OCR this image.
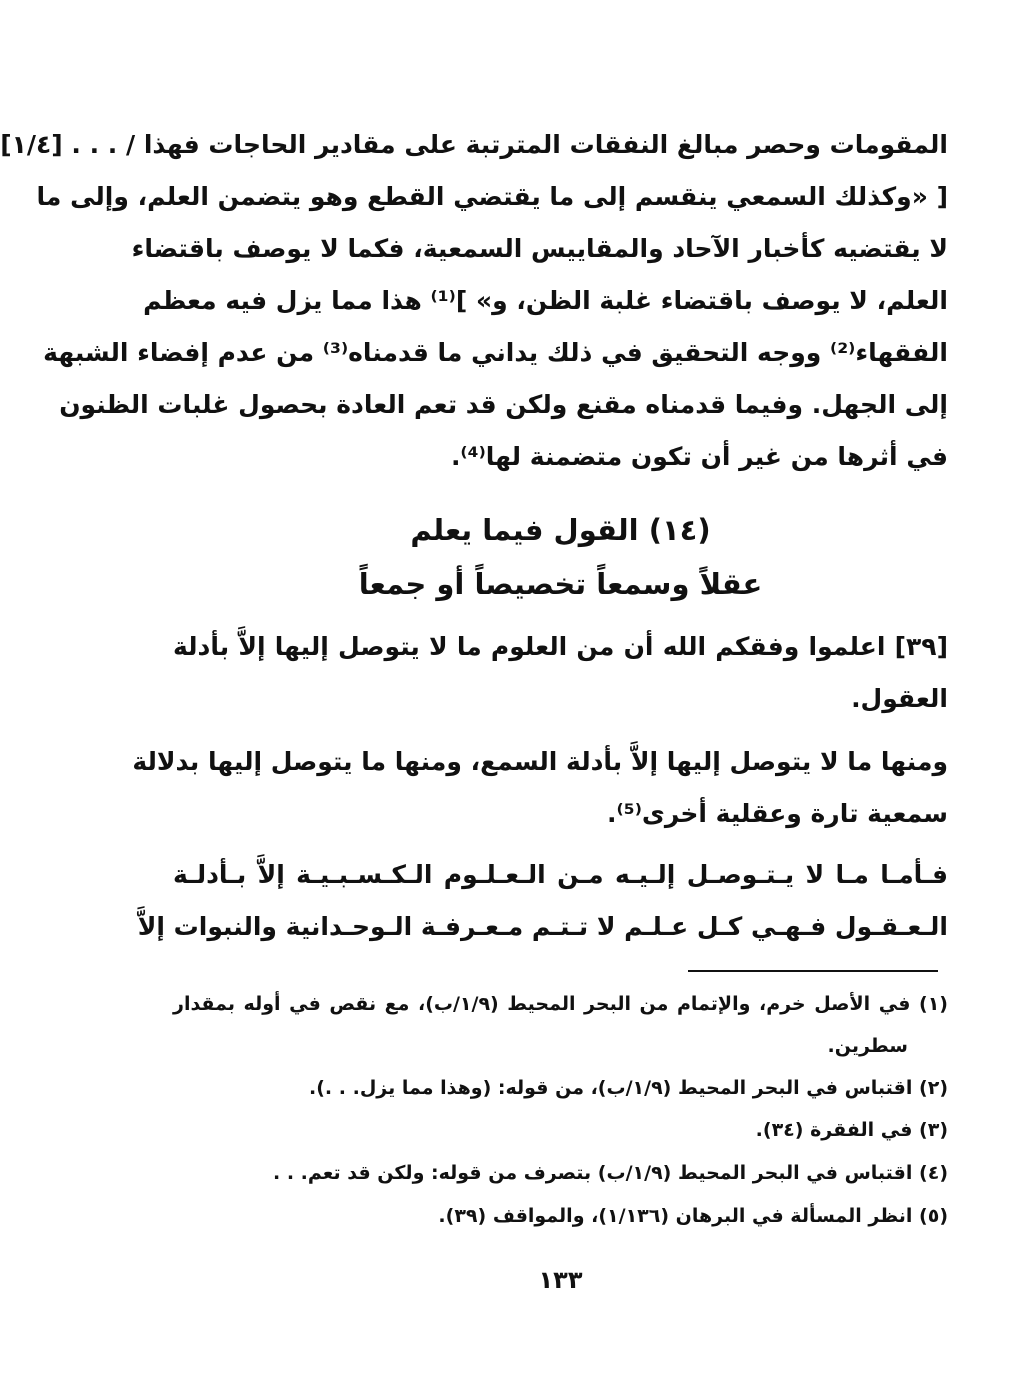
المقومات وحصر مبالغ النفقات المترتبة على مقادير الحاجات فهذا / . . . [١/٤]
[ «وكذلك السمعي ينقسم إلى ما يقتضي القطع وهو يتضمن العلم، وإلى ما
لا يقتضيه كأخبار الآحاد والمقاييس السمعية، فكما لا يوصف باقتضاء
العلم، لا يوصف باقتضاء غلبة الظن، و» ]⁽¹⁾ هذا مما يزل فيه معظم
الفقهاء⁽²⁾ ووجه التحقيق في ذلك يداني ما قدمناه⁽³⁾ من عدم إفضاء الشبهة
إلى الجهل. وفيما قدمناه مقنع ولكن قد تعم العادة بحصول غلبات الظنون
في أثرها من غير أن تكون متضمنة لها⁽⁴⁾.
(١٤) القول فيما يعلم
عقلاً وسمعاً تخصيصاً أو جمعاً
[٣٩] اعلموا وفقكم الله أن من العلوم ما لا يتوصل إليها إلاَّ بأدلة
العقول.
ومنها ما لا يتوصل إليها إلاَّ بأدلة السمع، ومنها ما يتوصل إليها بدلالة
سمعية تارة وعقلية أخرى⁽⁵⁾.
فـأمـا مـا لا يـتـوصـل إلـيـه مـن الـعـلـوم الـكـسـبـيـة إلاَّ بـأدلـة
الـعـقـول فـهـي كـل عـلـم لا تـتـم مـعـرفـة الـوحـدانية والنبوات إلاَّ
(١) في الأصل خرم، والإتمام من البحر المحيط (١/٩/ب)، مع نقص في أوله بمقدار
سطرين.
(٢) اقتباس في البحر المحيط (١/٩/ب)، من قوله: (وهذا مما يزل. . .).
(٣) في الفقرة (٣٤).
(٤) اقتباس في البحر المحيط (١/٩/ب) بتصرف من قوله: ولكن قد تعم. . .
(٥) انظر المسألة في البرهان (١/١٣٦)، والمواقف (٣٩).
١٣٣
